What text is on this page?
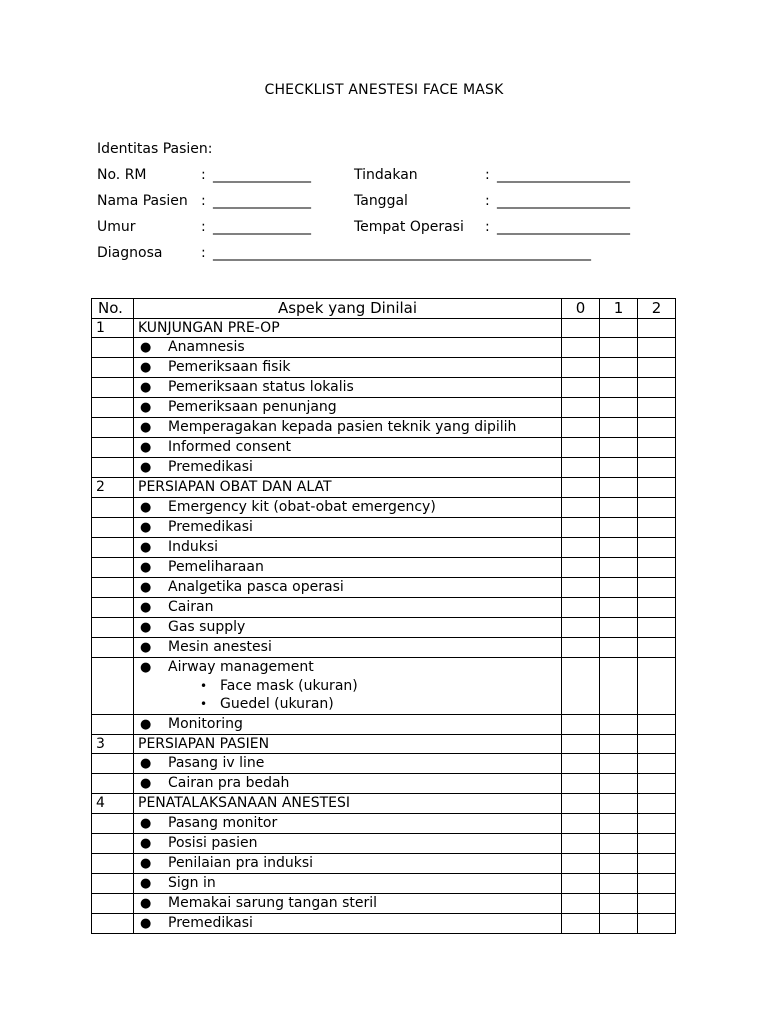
CHECKLIST ANESTESI FACE MASK
Identitas Pasien:
No. RM	: ______________	Tindakan	: ___________________
Nama Pasien : ______________	Tanggal	: ___________________
Umur	: ______________	Tempat Operasi	: ___________________
Diagnosa	: ______________________________________________________
No.	Aspek yang Dinilai	0	1	2
1	KUNJUNGAN PRE-OP			
	● Anamnesis			
	● Pemeriksaan fisik			
	● Pemeriksaan status lokalis			
	● Pemeriksaan penunjang			
	● Memperagakan kepada pasien teknik yang dipilih			
	● Informed consent			
	● Premedikasi			
2	PERSIAPAN OBAT DAN ALAT			
	● Emergency kit (obat-obat emergency)			
	● Premedikasi			
	● Induksi			
	● Pemeliharaan			
	● Analgetika pasca operasi			
	● Cairan			
	● Gas supply			
	● Mesin anestesi			
	● Airway management
• Face mask (ukuran)
• Guedel (ukuran)			

	● Monitoring			
3	PERSIAPAN PASIEN			
	● Pasang iv line			
	● Cairan pra bedah			
4	PENATALAKSANAAN ANESTESI			
	● Pasang monitor			
	● Posisi pasien			
	● Penilaian pra induksi			
	● Sign in			
	● Memakai sarung tangan steril			
	● Premedikasi			
